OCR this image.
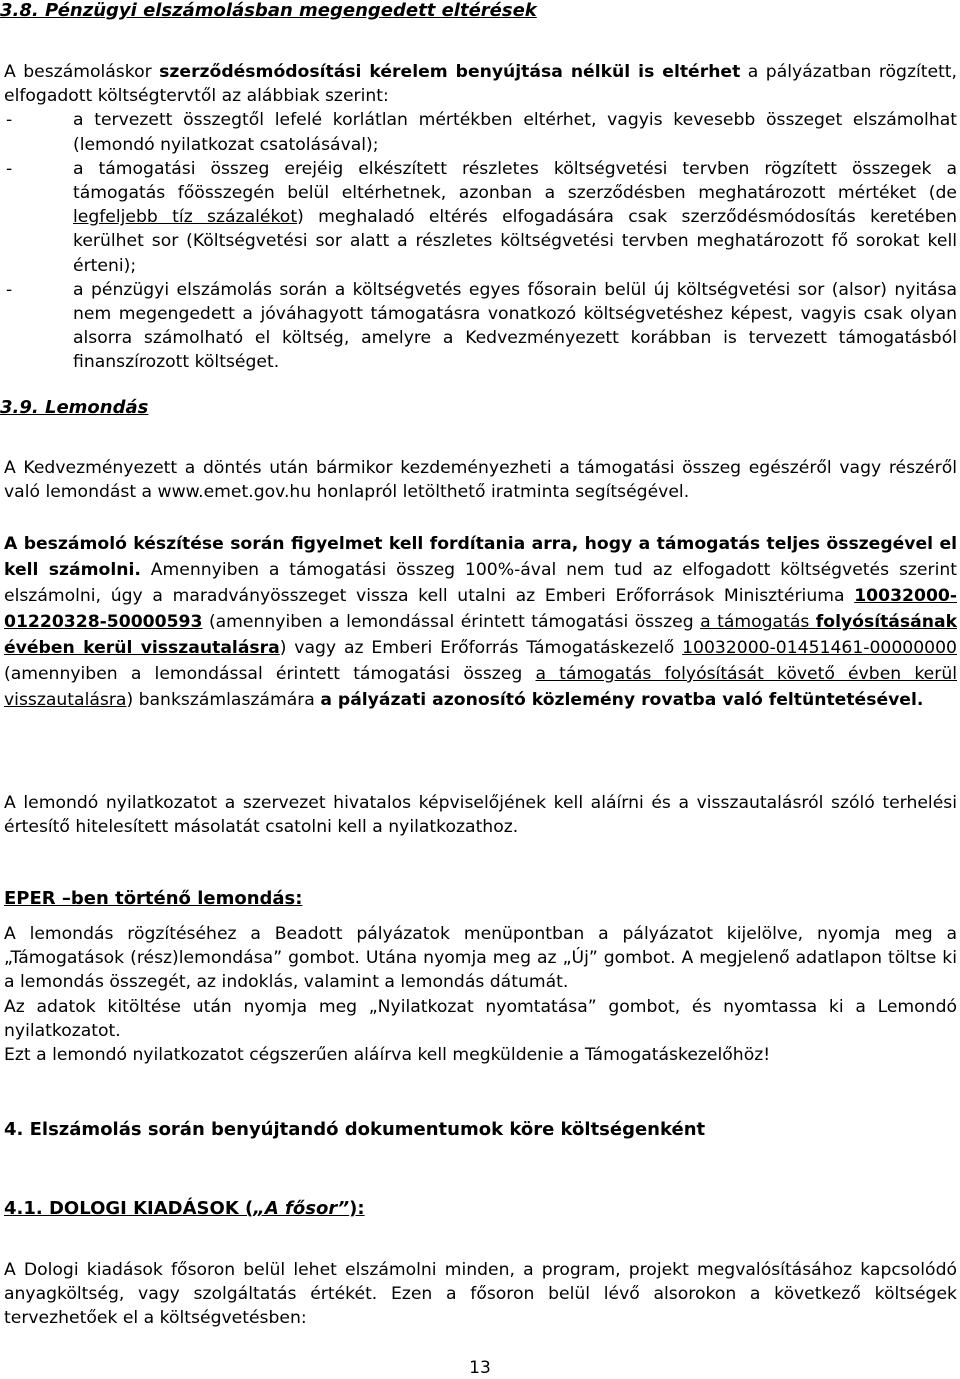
3.8. Pénzügyi elszámolásban megengedett eltérések

A beszámoláskor szerződésmódosítási kérelem benyújtása nélkül is eltérhet a pályázatban rögzített, elfogadott költségtervtől az alábbiak szerint:

-	a tervezett összegtől lefelé korlátlan mértékben eltérhet, vagyis kevesebb összeget elszámolhat (lemondó nyilatkozat csatolásával);
-	a támogatási összeg erejéig elkészített részletes költségvetési tervben rögzített összegek a támogatás főösszegén belül eltérhetnek, azonban a szerződésben meghatározott mértéket (de legfeljebb tíz százalékot) meghaladó eltérés elfogadására csak szerződésmódosítás keretében kerülhet sor (Költségvetési sor alatt a részletes költségvetési tervben meghatározott fő sorokat kell érteni);
-	a pénzügyi elszámolás során a költségvetés egyes fősorain belül új költségvetési sor (alsor) nyitása nem megengedett a jóváhagyott támogatásra vonatkozó költségvetéshez képest, vagyis csak olyan alsorra számolható el költség, amelyre a Kedvezményezett korábban is tervezett támogatásból finanszírozott költséget.
3.9. Lemondás

A Kedvezményezett a döntés után bármikor kezdeményezheti a támogatási összeg egészéről vagy részéről való lemondást a www.emet.gov.hu honlapról letölthető iratminta segítségével.

A beszámoló készítése során figyelmet kell fordítania arra, hogy a támogatás teljes összegével el kell számolni. Amennyiben a támogatási összeg 100%-ával nem tud az elfogadott költségvetés szerint elszámolni, úgy a maradványösszeget vissza kell utalni az Emberi Erőforrások Minisztériuma 10032000-01220328-50000593 (amennyiben a lemondással érintett támogatási összeg a támogatás folyósításának évében kerül visszautalásra) vagy az Emberi Erőforrás Támogatáskezelő 10032000-01451461-00000000 (amennyiben a lemondással érintett támogatási összeg a támogatás folyósítását követő évben kerül visszautalásra) bankszámlaszámára a pályázati azonosító közlemény rovatba való feltüntetésével.

A lemondó nyilatkozatot a szervezet hivatalos képviselőjének kell aláírni és a visszautalásról szóló terhelési értesítő hitelesített másolatát csatolni kell a nyilatkozathoz.

EPER –ben történő lemondás:

A lemondás rögzítéséhez a Beadott pályázatok menüpontban a pályázatot kijelölve, nyomja meg a „Támogatások (rész)lemondása” gombot. Utána nyomja meg az „Új” gombot. A megjelenő adatlapon töltse ki a lemondás összegét, az indoklás, valamint a lemondás dátumát.

Az adatok kitöltése után nyomja meg „Nyilatkozat nyomtatása” gombot, és nyomtassa ki a Lemondó nyilatkozatot.

Ezt a lemondó nyilatkozatot cégszerűen aláírva kell megküldenie a Támogatáskezelőhöz!

4. Elszámolás során benyújtandó dokumentumok köre költségenként
4.1. DOLOGI KIADÁSOK („A fősor”):

A Dologi kiadások fősoron belül lehet elszámolni minden, a program, projekt megvalósításához kapcsolódó anyagköltség, vagy szolgáltatás értékét. Ezen a fősoron belül lévő alsorokon a következő költségek tervezhetőek el a költségvetésben:

13
